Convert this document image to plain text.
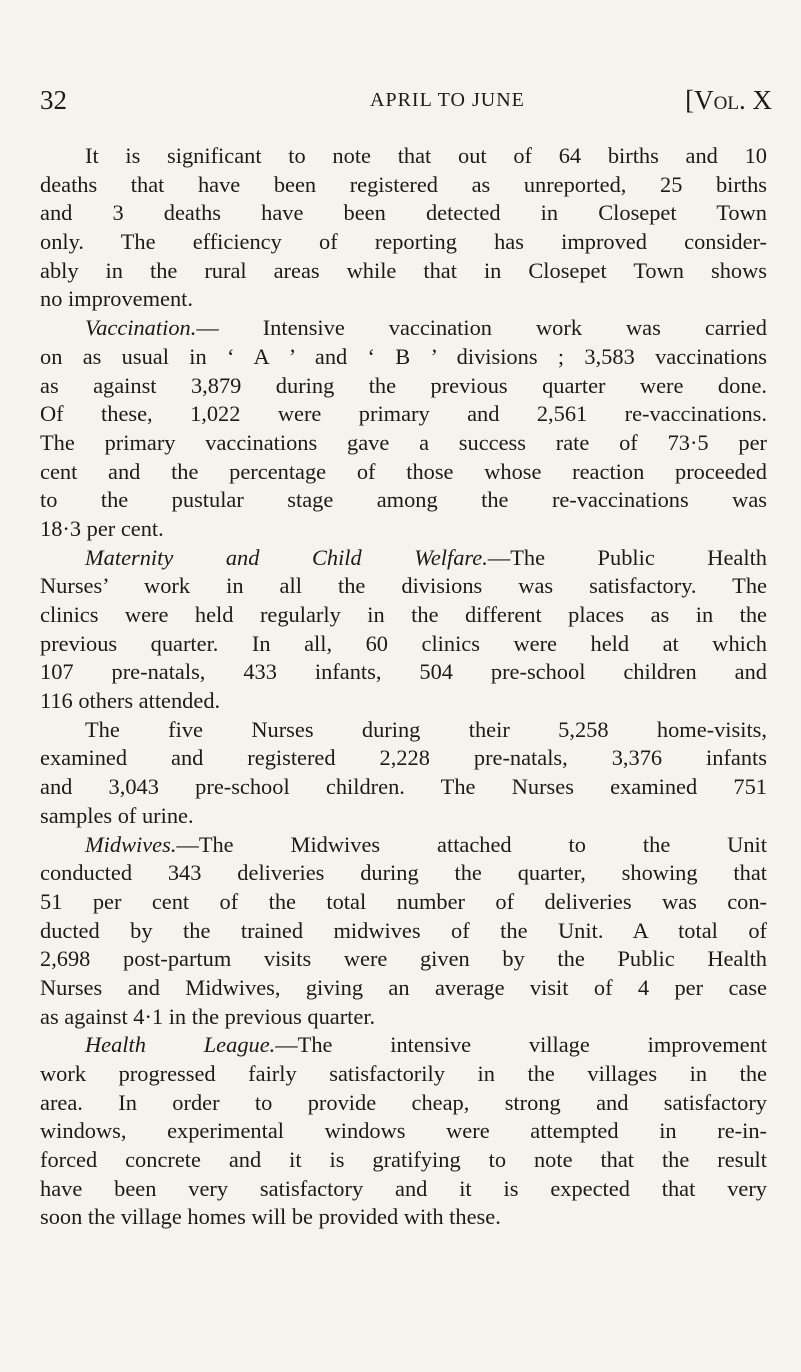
32	APRIL TO JUNE	[Vol. X
It is significant to note that out of 64 births and 10
deaths that have been registered as unreported, 25 births
and 3 deaths have been detected in Closepet Town
only. The efficiency of reporting has improved consider-
ably in the rural areas while that in Closepet Town shows
no improvement.
Vaccination.— Intensive vaccination work was carried
on as usual in ‘ A ’ and ‘ B ’ divisions ; 3,583 vaccinations
as against 3,879 during the previous quarter were done.
Of these, 1,022 were primary and 2,561 re-vaccinations.
The primary vaccinations gave a success rate of 73·5 per
cent and the percentage of those whose reaction proceeded
to the pustular stage among the re-vaccinations was
18·3 per cent.
Maternity and Child Welfare.—The Public Health
Nurses’ work in all the divisions was satisfactory. The
clinics were held regularly in the different places as in the
previous quarter. In all, 60 clinics were held at which
107 pre-natals, 433 infants, 504 pre-school children and
116 others attended.
The five Nurses during their 5,258 home-visits,
examined and registered 2,228 pre-natals, 3,376 infants
and 3,043 pre-school children. The Nurses examined 751
samples of urine.
Midwives.—The Midwives attached to the Unit
conducted 343 deliveries during the quarter, showing that
51 per cent of the total number of deliveries was con-
ducted by the trained midwives of the Unit. A total of
2,698 post-partum visits were given by the Public Health
Nurses and Midwives, giving an average visit of 4 per case
as against 4·1 in the previous quarter.
Health League.—The intensive village improvement
work progressed fairly satisfactorily in the villages in the
area. In order to provide cheap, strong and satisfactory
windows, experimental windows were attempted in re-in-
forced concrete and it is gratifying to note that the result
have been very satisfactory and it is expected that very
soon the village homes will be provided with these.
